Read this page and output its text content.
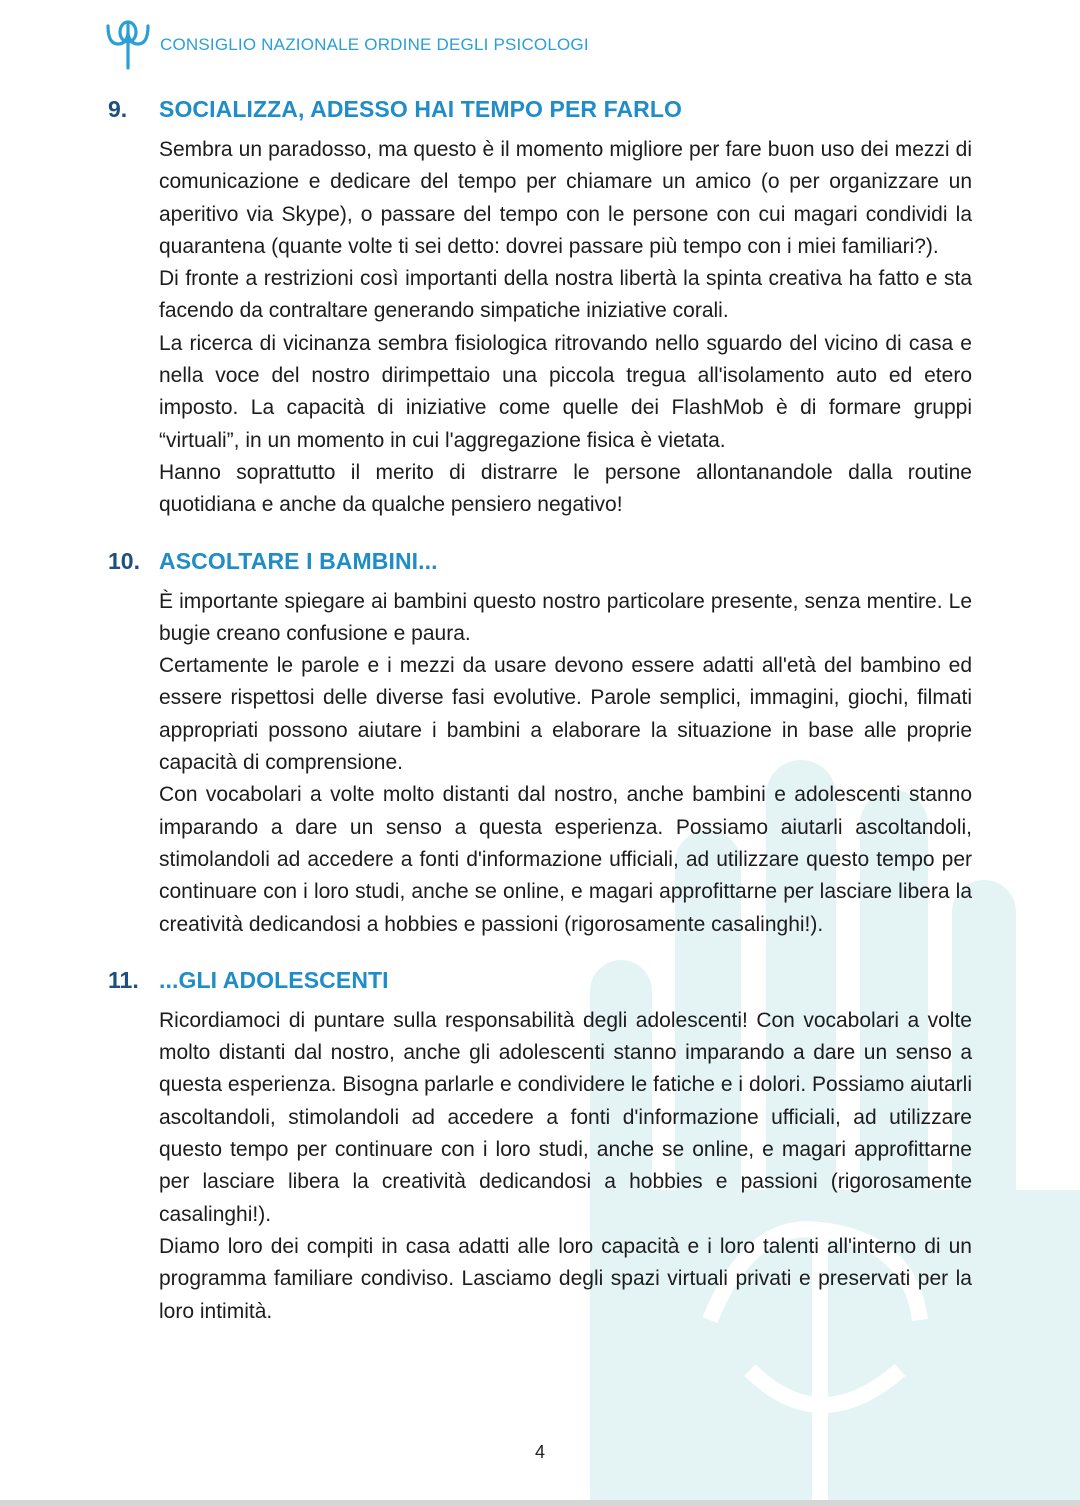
CONSIGLIO NAZIONALE ORDINE DEGLI PSICOLOGI
9.	SOCIALIZZA, ADESSO HAI TEMPO PER FARLO

Sembra un paradosso, ma questo è il momento migliore per fare buon uso dei mezzi di comunicazione e dedicare del tempo per chiamare un amico (o per organizzare un aperitivo via Skype), o passare del tempo con le persone con cui magari condividi la quarantena (quante volte ti sei detto: dovrei passare più tempo con i miei familiari?).

Di fronte a restrizioni così importanti della nostra libertà la spinta creativa ha fatto e sta facendo da contraltare generando simpatiche iniziative corali.

La ricerca di vicinanza sembra fisiologica ritrovando nello sguardo del vicino di casa e nella voce del nostro dirimpettaio una piccola tregua all'isolamento auto ed etero imposto. La capacità di iniziative come quelle dei FlashMob è di formare gruppi “virtuali”, in un momento in cui l'aggregazione fisica è vietata.

Hanno soprattutto il merito di distrarre le persone allontanandole dalla routine quotidiana e anche da qualche pensiero negativo!

10. ASCOLTARE I BAMBINI...

È importante spiegare ai bambini questo nostro particolare presente, senza mentire. Le bugie creano confusione e paura.

Certamente le parole e i mezzi da usare devono essere adatti all'età del bambino ed essere rispettosi delle diverse fasi evolutive. Parole semplici, immagini, giochi, filmati appropriati possono aiutare i bambini a elaborare la situazione in base alle proprie capacità di comprensione.

Con vocabolari a volte molto distanti dal nostro, anche bambini e adolescenti stanno imparando a dare un senso a questa esperienza. Possiamo aiutarli ascoltandoli, stimolandoli ad accedere a fonti d'informazione ufficiali, ad utilizzare questo tempo per continuare con i loro studi, anche se online, e magari approfittarne per lasciare libera la creatività dedicandosi a hobbies e passioni (rigorosamente casalinghi!).

11. ...GLI ADOLESCENTI

Ricordiamoci di puntare sulla responsabilità degli adolescenti! Con vocabolari a volte molto distanti dal nostro, anche gli adolescenti stanno imparando a dare un senso a questa esperienza. Bisogna parlarle e condividere le fatiche e i dolori. Possiamo aiutarli ascoltandoli, stimolandoli ad accedere a fonti d'informazione ufficiali, ad utilizzare questo tempo per continuare con i loro studi, anche se online, e magari approfittarne per lasciare libera la creatività dedicandosi a hobbies e passioni (rigorosamente casalinghi!).

Diamo loro dei compiti in casa adatti alle loro capacità e i loro talenti all'interno di un programma familiare condiviso. Lasciamo degli spazi virtuali privati e preservati per la loro intimità.

4
